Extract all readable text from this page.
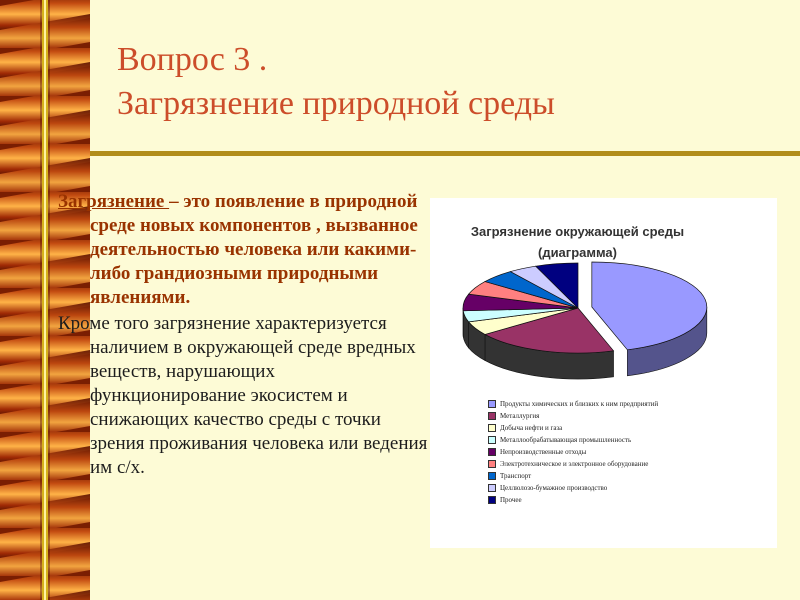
Вопрос 3 .
Загрязнение природной среды

Загрязнение – это появление в природной среде новых компонентов , вызванное деятельностью человека или какими-либо грандиозными природными явлениями.

Кроме того загрязнение характеризуется наличием в окружающей среде вредных веществ, нарушающих функционирование экосистем и снижающих качество среды с точки зрения проживания человека или ведения им с/х.

Загрязнение окружающей среды
(диаграмма)
Продукты химических и близких к ним предприятий
Металлургия
Добыча нефти и газа
Металлообрабатывающая промышленность
Непроизводственные отходы
Электротехническое и электронное оборудование
Транспорт
Целлюлозо-бумажное производство
Прочее
